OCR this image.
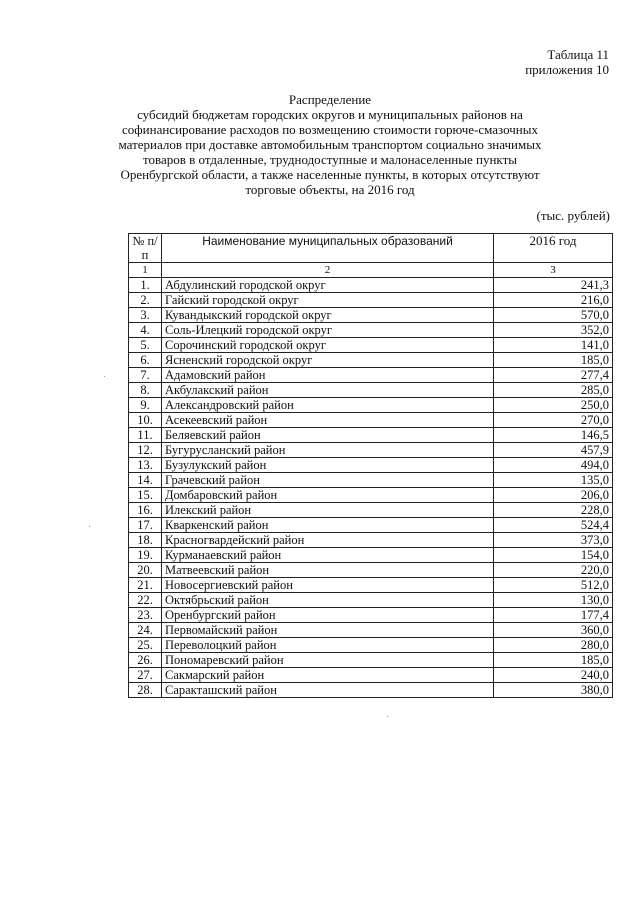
Таблица 11
приложения 10
Распределение
субсидий бюджетам городских округов и муниципальных районов на
софинансирование расходов по возмещению стоимости горюче-смазочных
материалов при доставке автомобильным транспортом социально значимых
товаров в отдаленные, труднодоступные и малонаселенные пункты
Оренбургской области, а также населенные пункты, в которых отсутствуют
торговые объекты, на 2016 год
(тыс. рублей)
№ п/п	Наименование муниципальных образований	2016 год
1	2	3
1.	Абдулинский городской округ	241,3
2.	Гайский городской округ	216,0
3.	Кувандыкский городской округ	570,0
4.	Соль-Илецкий городской округ	352,0
5.	Сорочинский городской округ	141,0
6.	Ясненский городской округ	185,0
7.	Адамовский район	277,4
8.	Акбулакский район	285,0
9.	Александровский район	250,0
10.	Асекеевский район	270,0
11.	Беляевский район	146,5
12.	Бугурусланский район	457,9
13.	Бузулукский район	494,0
14.	Грачевский район	135,0
15.	Домбаровский район	206,0
16.	Илекский район	228,0
17.	Кваркенский район	524,4
18.	Красногвардейский район	373,0
19.	Курманаевский район	154,0
20.	Матвеевский район	220,0
21.	Новосергиевский район	512,0
22.	Октябрьский район	130,0
23.	Оренбургский район	177,4
24.	Первомайский район	360,0
25.	Переволоцкий район	280,0
26.	Пономаревский район	185,0
27.	Сакмарский район	240,0
28.	Саракташский район	380,0
·
·
·
